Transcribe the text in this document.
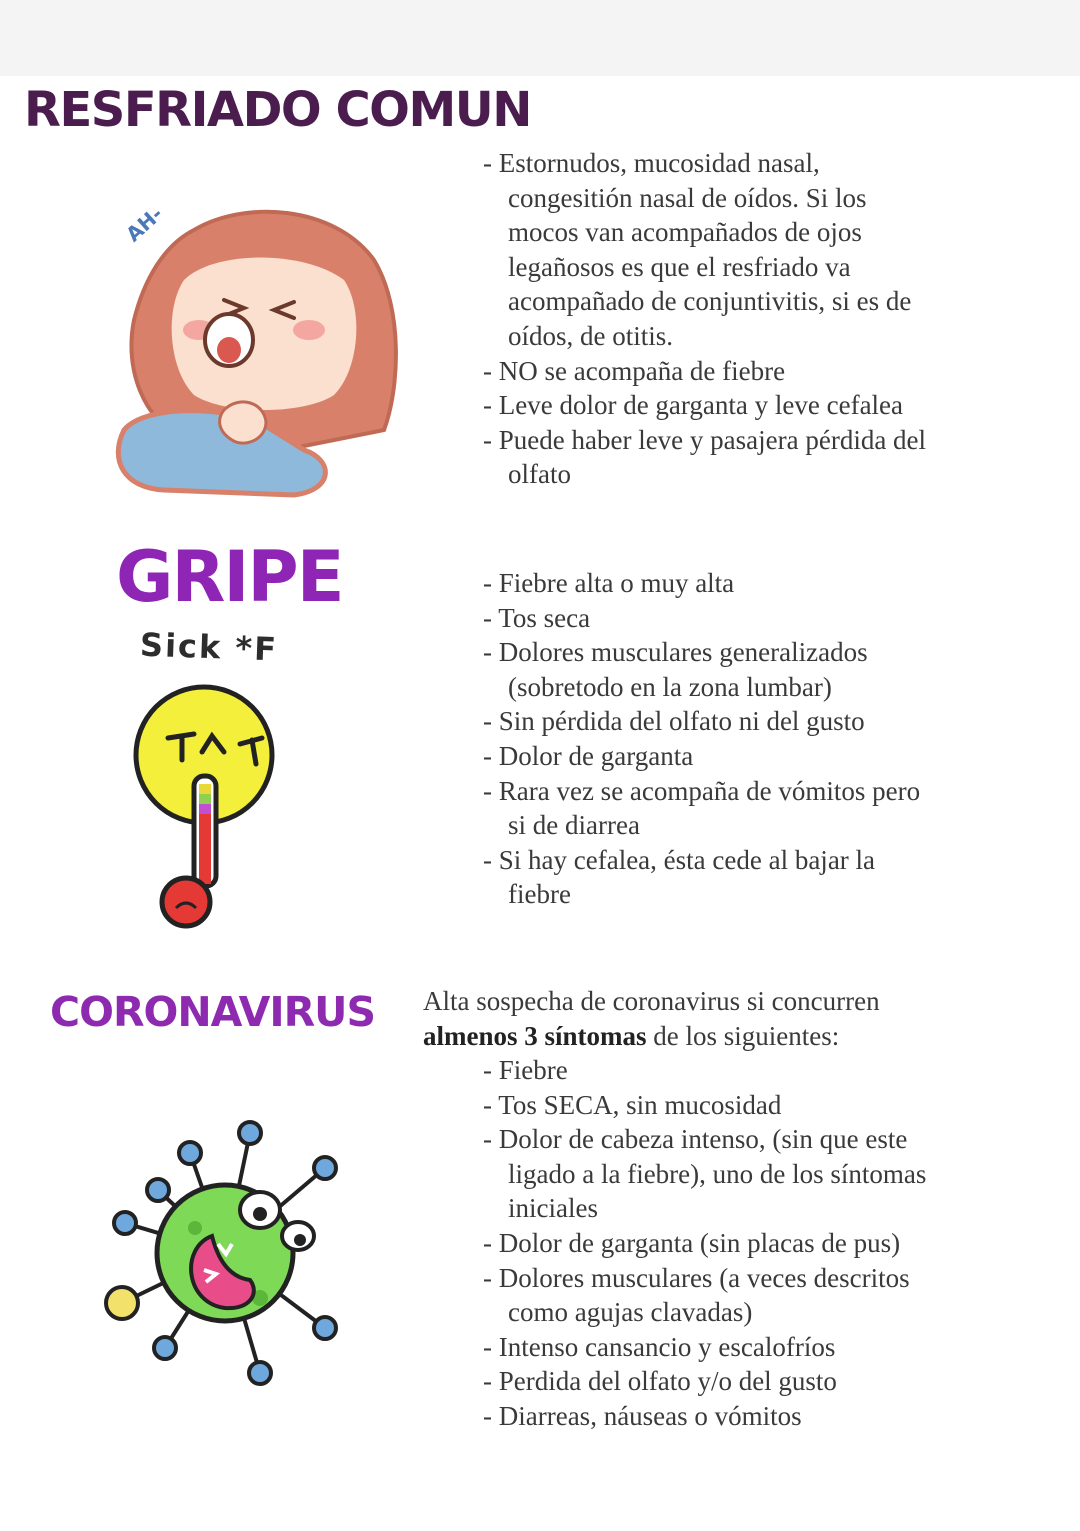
RESFRIADO COMUN
AH-
- Estornudos, mucosidad nasal, congesitión nasal de oídos. Si los mocos van acompañados de ojos legañosos es que el resfriado va acompañado de conjuntivitis, si es de oídos, de otitis.
- NO se acompaña de fiebre
- Leve dolor de garganta y leve cefalea
- Puede haber leve y pasajera pérdida del olfato
GRIPE
Sick *F
- Fiebre alta o muy alta
- Tos seca
- Dolores musculares generalizados (sobretodo en la zona lumbar)
- Sin pérdida del olfato ni del gusto
- Dolor de garganta
- Rara vez se acompaña de vómitos pero si de diarrea
- Si hay cefalea, ésta cede al bajar la fiebre
CORONAVIRUS Alta sospecha de coronavirus si concurren almenos 3 síntomas de los siguientes:

- Fiebre
- Tos SECA, sin mucosidad
- Dolor de cabeza intenso, (sin que este ligado a la fiebre), uno de los síntomas iniciales
- Dolor de garganta (sin placas de pus)
- Dolores musculares (a veces descritos como agujas clavadas)
- Intenso cansancio y escalofríos
- Perdida del olfato y/o del gusto
- Diarreas, náuseas o vómitos
